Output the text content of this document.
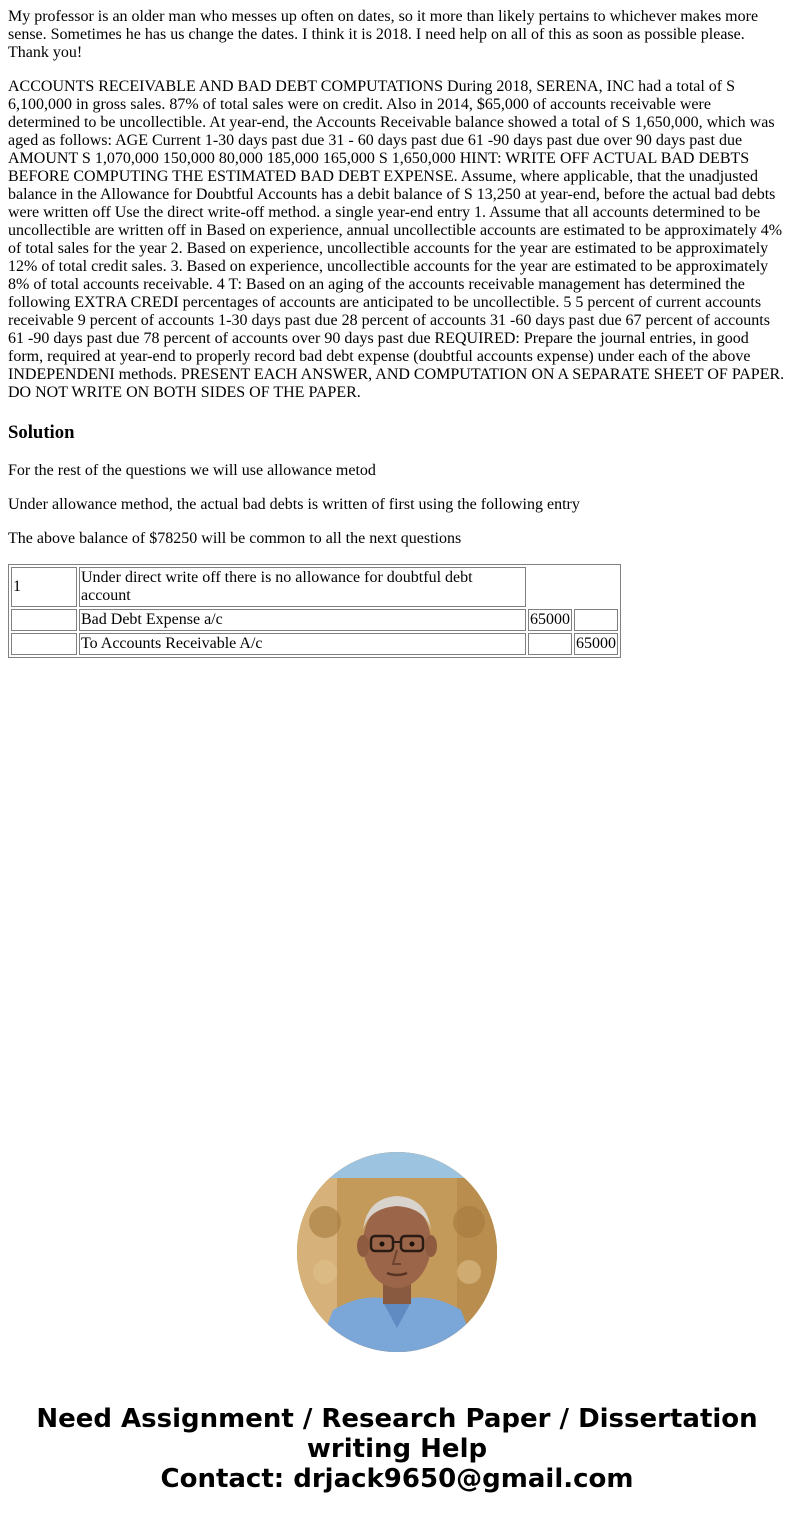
My professor is an older man who messes up often on dates, so it more than likely pertains to whichever makes more sense. Sometimes he has us change the dates. I think it is 2018. I need help on all of this as soon as possible please. Thank you!

ACCOUNTS RECEIVABLE AND BAD DEBT COMPUTATIONS During 2018, SERENA, INC had a total of S 6,100,000 in gross sales. 87% of total sales were on credit. Also in 2014, $65,000 of accounts receivable were determined to be uncollectible. At year-end, the Accounts Receivable balance showed a total of S 1,650,000, which was aged as follows: AGE Current 1-30 days past due 31 - 60 days past due 61 -90 days past due over 90 days past due AMOUNT S 1,070,000 150,000 80,000 185,000 165,000 S 1,650,000 HINT: WRITE OFF ACTUAL BAD DEBTS BEFORE COMPUTING THE ESTIMATED BAD DEBT EXPENSE. Assume, where applicable, that the unadjusted balance in the Allowance for Doubtful Accounts has a debit balance of S 13,250 at year-end, before the actual bad debts were written off Use the direct write-off method. a single year-end entry 1. Assume that all accounts determined to be uncollectible are written off in Based on experience, annual uncollectible accounts are estimated to be approximately 4% of total sales for the year 2. Based on experience, uncollectible accounts for the year are estimated to be approximately 12% of total credit sales. 3. Based on experience, uncollectible accounts for the year are estimated to be approximately 8% of total accounts receivable. 4 T: Based on an aging of the accounts receivable management has determined the following EXTRA CREDI percentages of accounts are anticipated to be uncollectible. 5 5 percent of current accounts receivable 9 percent of accounts 1-30 days past due 28 percent of accounts 31 -60 days past due 67 percent of accounts 61 -90 days past due 78 percent of accounts over 90 days past due REQUIRED: Prepare the journal entries, in good form, required at year-end to properly record bad debt expense (doubtful accounts expense) under each of the above INDEPENDENI methods. PRESENT EACH ANSWER, AND COMPUTATION ON A SEPARATE SHEET OF PAPER. DO NOT WRITE ON BOTH SIDES OF THE PAPER.

Solution

For the rest of the questions we will use allowance metod

Under allowance method, the actual bad debts is written of first using the following entry

The above balance of $78250 will be common to all the next questions

1	Under direct write off there is no allowance for doubtful debt account		
	Bad Debt Expense a/c	65000	
	To Accounts Receivable A/c		65000
Need Assignment / Research Paper / Dissertation
writing Help
Contact: drjack9650@gmail.com
